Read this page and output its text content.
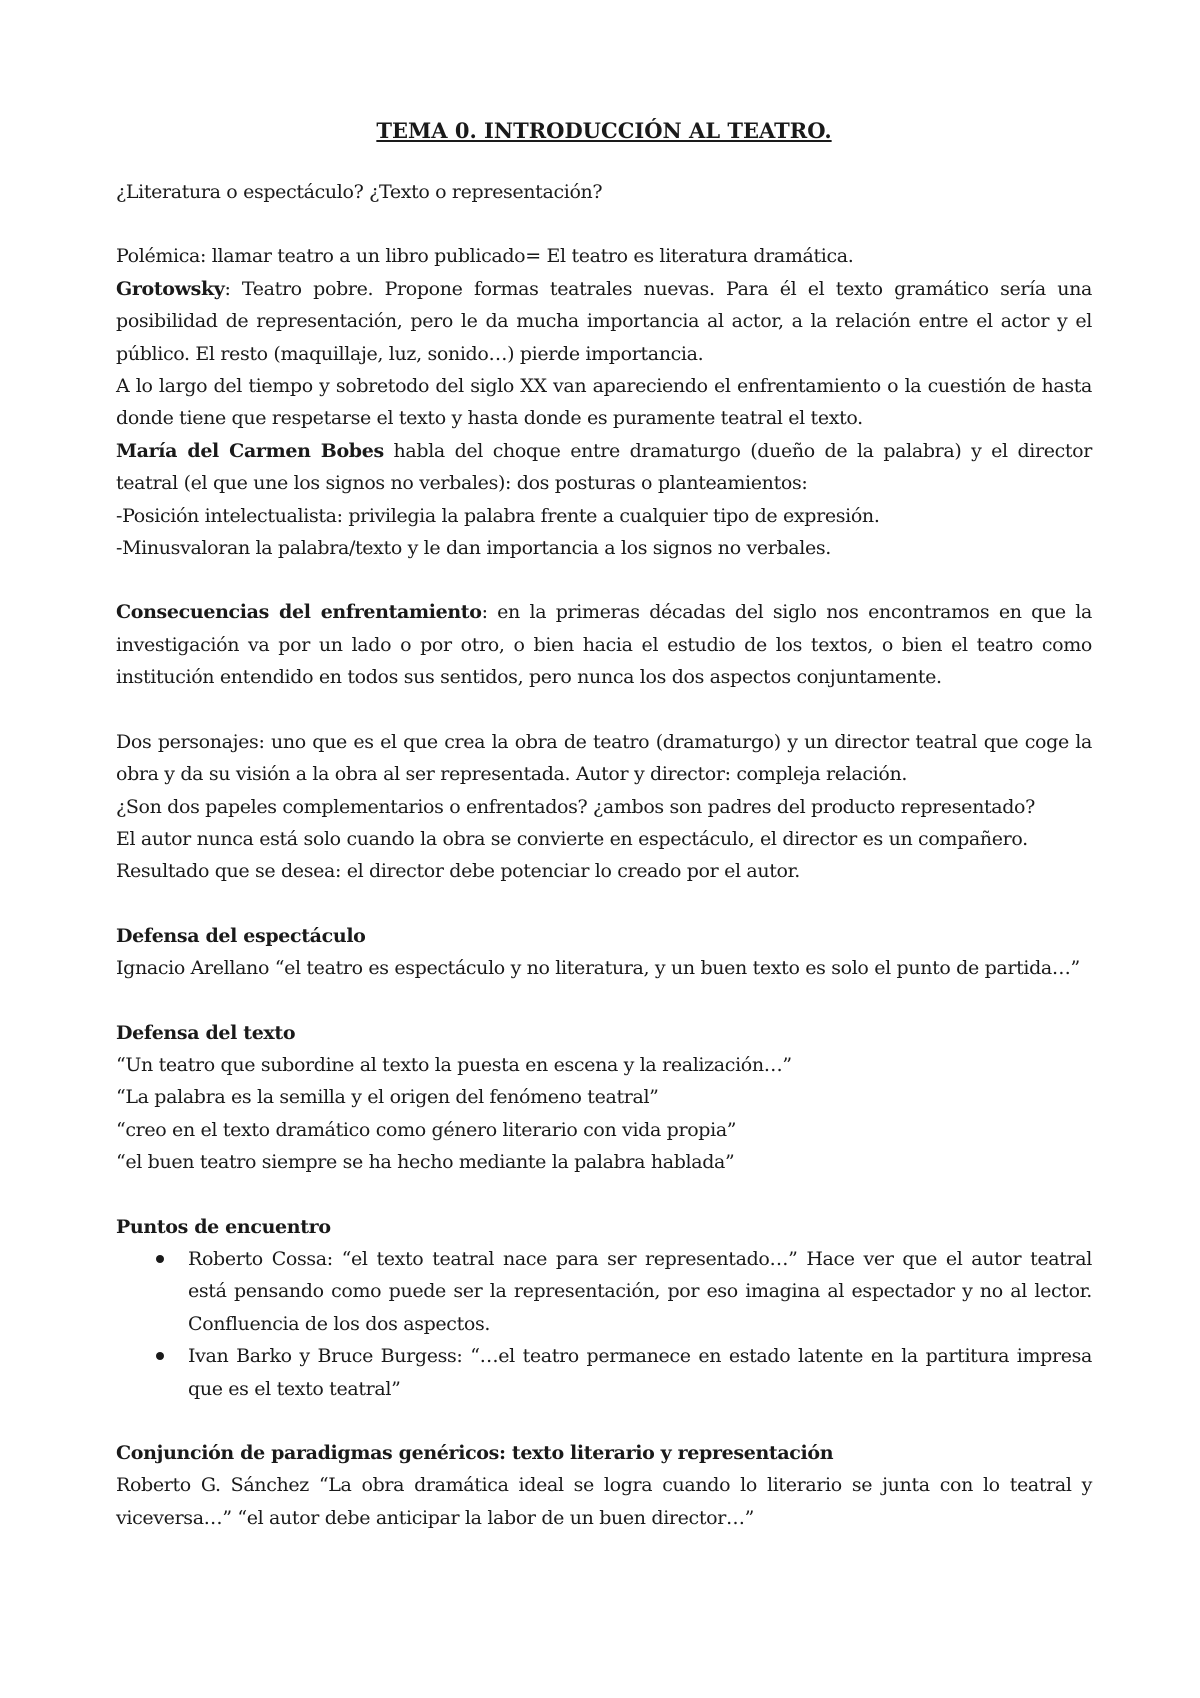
TEMA 0. INTRODUCCIÓN AL TEATRO.

¿Literatura o espectáculo? ¿Texto o representación?

Polémica: llamar teatro a un libro publicado= El teatro es literatura dramática.

Grotowsky: Teatro pobre. Propone formas teatrales nuevas. Para él el texto gramático sería una posibilidad de representación, pero le da mucha importancia al actor, a la relación entre el actor y el público. El resto (maquillaje, luz, sonido…) pierde importancia.

A lo largo del tiempo y sobretodo del siglo XX van apareciendo el enfrentamiento o la cuestión de hasta donde tiene que respetarse el texto y hasta donde es puramente teatral el texto.

María del Carmen Bobes habla del choque entre dramaturgo (dueño de la palabra) y el director teatral (el que une los signos no verbales): dos posturas o planteamientos:

-Posición intelectualista: privilegia la palabra frente a cualquier tipo de expresión.

-Minusvaloran la palabra/texto y le dan importancia a los signos no verbales.

Consecuencias del enfrentamiento: en la primeras décadas del siglo nos encontramos en que la investigación va por un lado o por otro, o bien hacia el estudio de los textos, o bien el teatro como institución entendido en todos sus sentidos, pero nunca los dos aspectos conjuntamente.

Dos personajes: uno que es el que crea la obra de teatro (dramaturgo) y un director teatral que coge la obra y da su visión a la obra al ser representada. Autor y director: compleja relación.

¿Son dos papeles complementarios o enfrentados? ¿ambos son padres del producto representado?

El autor nunca está solo cuando la obra se convierte en espectáculo, el director es un compañero.

Resultado que se desea: el director debe potenciar lo creado por el autor.

Defensa del espectáculo

Ignacio Arellano “el teatro es espectáculo y no literatura, y un buen texto es solo el punto de partida…”

Defensa del texto

“Un teatro que subordine al texto la puesta en escena y la realización…”

“La palabra es la semilla y el origen del fenómeno teatral”

“creo en el texto dramático como género literario con vida propia”

“el buen teatro siempre se ha hecho mediante la palabra hablada”

Puntos de encuentro

Roberto Cossa: “el texto teatral nace para ser representado…” Hace ver que el autor teatral está pensando como puede ser la representación, por eso imagina al espectador y no al lector. Confluencia de los dos aspectos.
Ivan Barko y Bruce Burgess: “…el teatro permanece en estado latente en la partitura impresa que es el texto teatral”

Conjunción de paradigmas genéricos: texto literario y representación

Roberto G. Sánchez “La obra dramática ideal se logra cuando lo literario se junta con lo teatral y viceversa…” “el autor debe anticipar la labor de un buen director…”
